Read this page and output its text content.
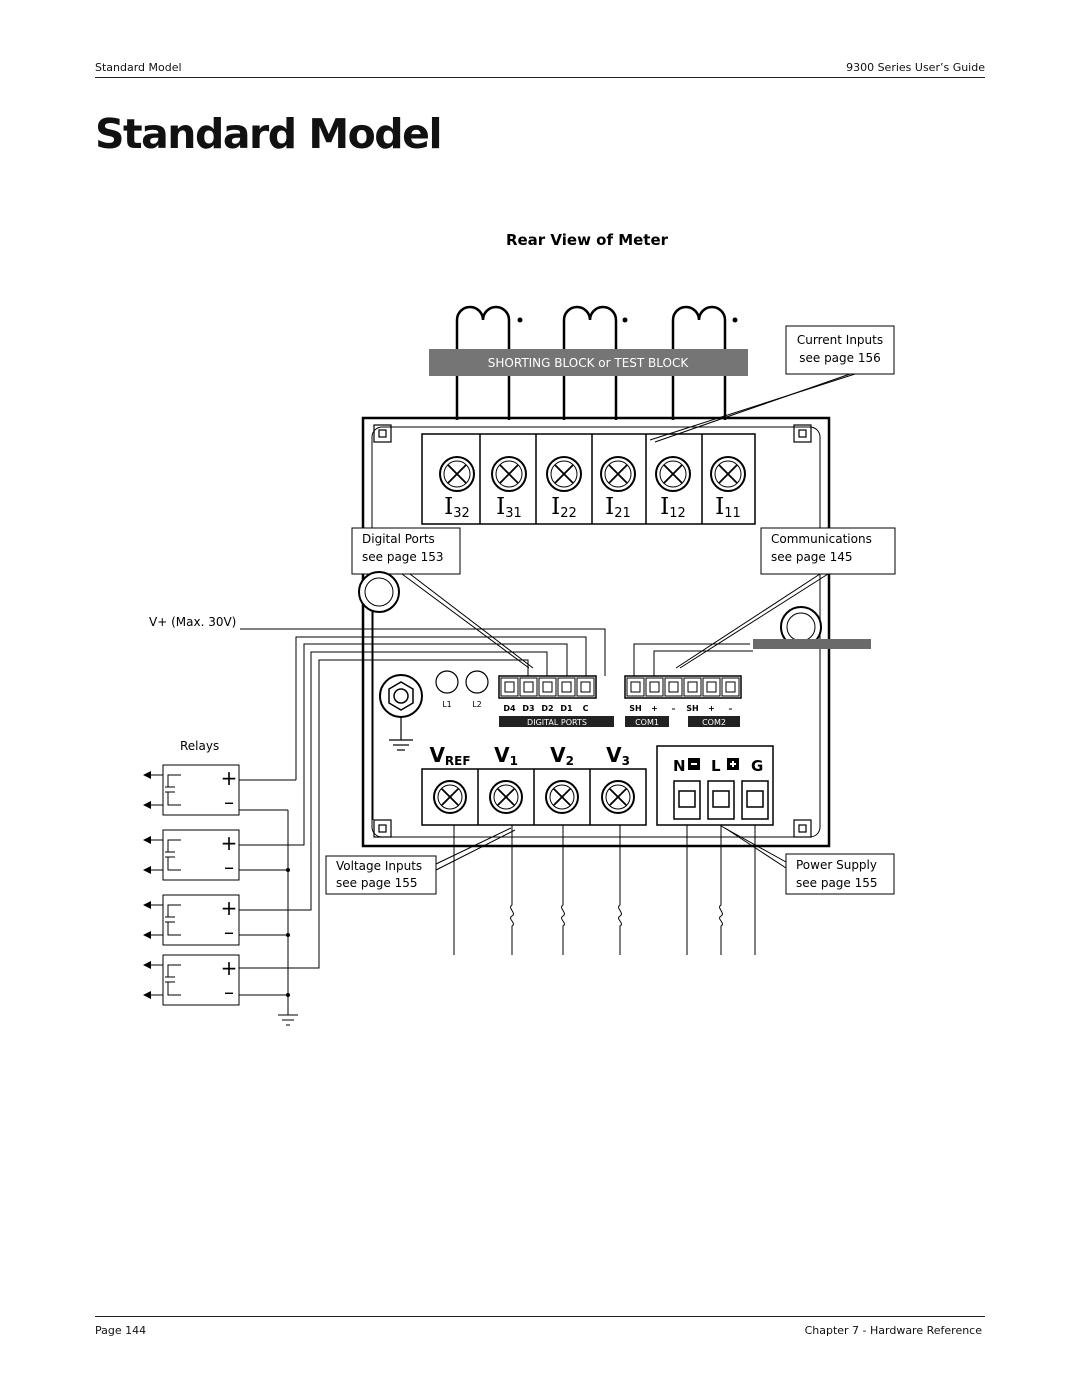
Standard Model	9300 Series User’s Guide
Standard Model
Rear View of Meter
SHORTING BLOCK or TEST BLOCK
I32 I31 I22 I21 I12 I11
Current Inputs
see page 156
Digital Ports
see page 153
Communications
see page 145
V+ (Max. 30V)
Relays
+
–
+
–
+
–
+
–
L1	L2	D4 D3 D2 D1 C	SH + – SH + –
DIGITAL PORTS	COM1	COM2
VREF V1 V2 V3	N L G
Voltage Inputs
see page 155
Power Supply
see page 155
Page 144	Chapter 7 - Hardware Reference
